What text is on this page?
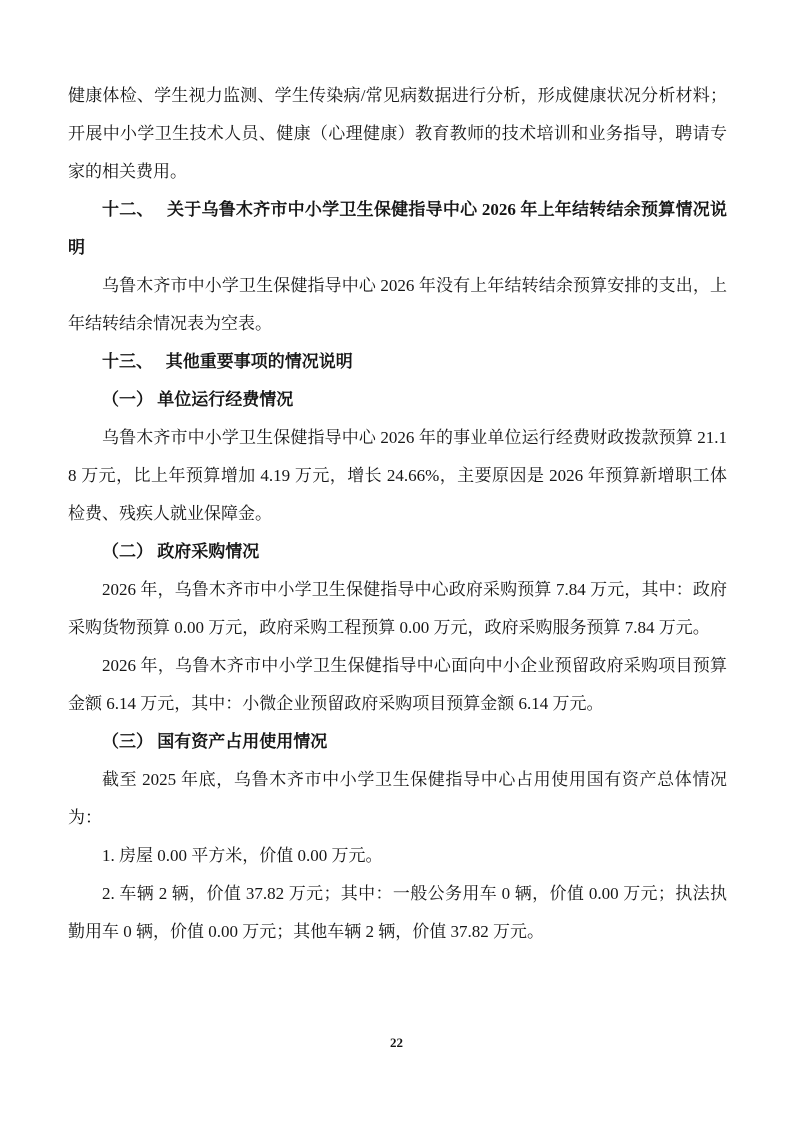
健康体检、学生视力监测、学生传染病/常见病数据进行分析，形成健康状况分析材料；开展中小学卫生技术人员、健康（心理健康）教育教师的技术培训和业务指导，聘请专家的相关费用。

十二、　 关于乌鲁木齐市中小学卫生保健指导中心 2026 年上年结转结余预算情况说明

乌鲁木齐市中小学卫生保健指导中心 2026 年没有上年结转结余预算安排的支出，上年结转结余情况表为空表。

十三、　 其他重要事项的情况说明

（一） 单位运行经费情况

乌鲁木齐市中小学卫生保健指导中心 2026 年的事业单位运行经费财政拨款预算 21.18 万元，比上年预算增加 4.19 万元，增长 24.66%，主要原因是 2026 年预算新增职工体检费、残疾人就业保障金。

（二） 政府采购情况

2026 年，乌鲁木齐市中小学卫生保健指导中心政府采购预算 7.84 万元，其中：政府采购货物预算 0.00 万元，政府采购工程预算 0.00 万元，政府采购服务预算 7.84 万元。

2026 年，乌鲁木齐市中小学卫生保健指导中心面向中小企业预留政府采购项目预算金额 6.14 万元，其中：小微企业预留政府采购项目预算金额 6.14 万元。

（三） 国有资产占用使用情况

截至 2025 年底，乌鲁木齐市中小学卫生保健指导中心占用使用国有资产总体情况为：

1. 房屋 0.00 平方米，价值 0.00 万元。

2. 车辆 2 辆，价值 37.82 万元；其中：一般公务用车 0 辆，价值 0.00 万元；执法执勤用车 0 辆，价值 0.00 万元；其他车辆 2 辆，价值 37.82 万元。

22
